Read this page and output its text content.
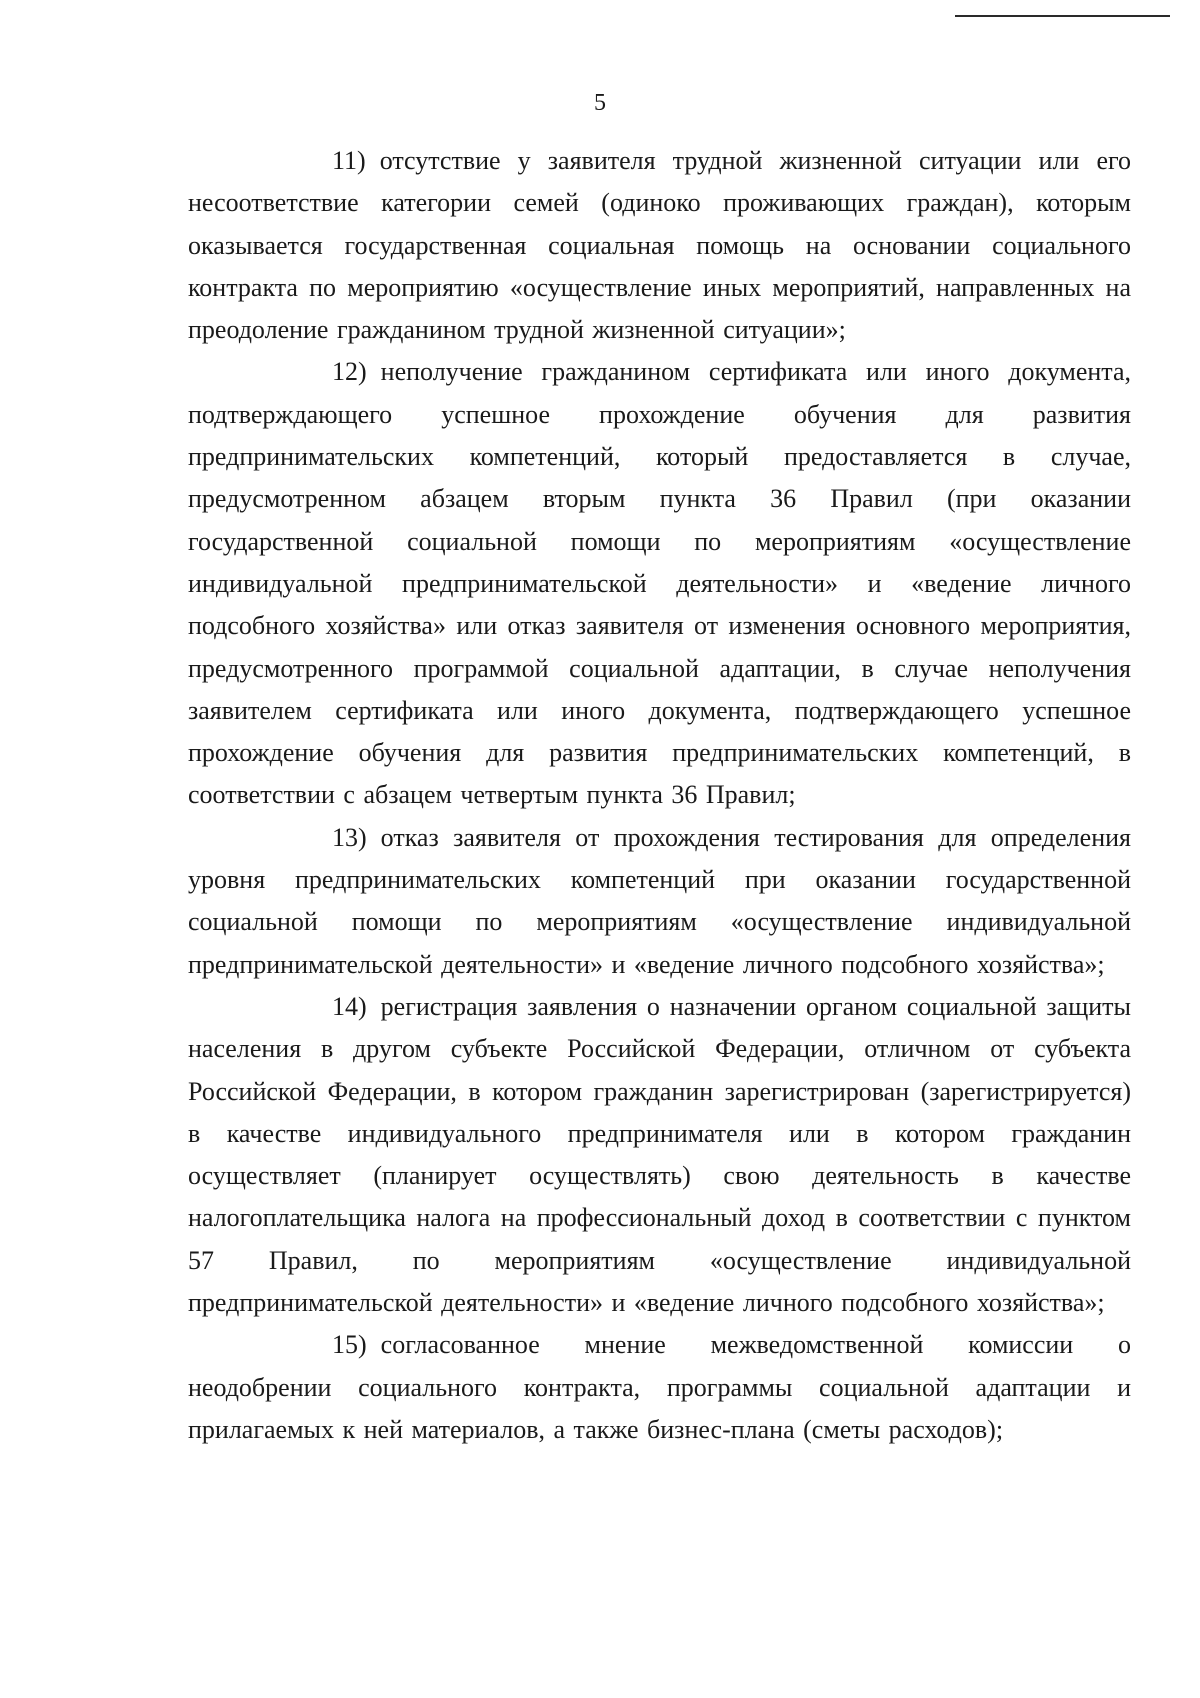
5

11) отсутствие у заявителя трудной жизненной ситуации или его несоответствие категории семей (одиноко проживающих граждан), которым оказывается государственная социальная помощь на основании социального контракта по мероприятию «осуществление иных мероприятий, направленных на преодоление гражданином трудной жизненной ситуации»;

12) неполучение гражданином сертификата или иного документа, подтверждающего успешное прохождение обучения для развития предпринимательских компетенций, который предоставляется в случае, предусмотренном абзацем вторым пункта 36 Правил (при оказании государственной социальной помощи по мероприятиям «осуществление индивидуальной предпринимательской деятельности» и «ведение личного подсобного хозяйства» или отказ заявителя от изменения основного мероприятия, предусмотренного программой социальной адаптации, в случае неполучения заявителем сертификата или иного документа, подтверждающего успешное прохождение обучения для развития предпринимательских компетенций, в соответствии с абзацем четвертым пункта 36 Правил;

13) отказ заявителя от прохождения тестирования для определения уровня предпринимательских компетенций при оказании государственной социальной помощи по мероприятиям «осуществление индивидуальной предпринимательской деятельности» и «ведение личного подсобного хозяйства»;

14) регистрация заявления о назначении органом социальной защиты населения в другом субъекте Российской Федерации, отличном от субъекта Российской Федерации, в котором гражданин зарегистрирован (зарегистрируется) в качестве индивидуального предпринимателя или в котором гражданин осуществляет (планирует осуществлять) свою деятельность в качестве налогоплательщика налога на профессиональный доход в соответствии с пунктом 57 Правил, по мероприятиям «осуществление индивидуальной предпринимательской деятельности» и «ведение личного подсобного хозяйства»;

15) согласованное мнение межведомственной комиссии о неодобрении социального контракта, программы социальной адаптации и прилагаемых к ней материалов, а также бизнес-плана (сметы расходов);
